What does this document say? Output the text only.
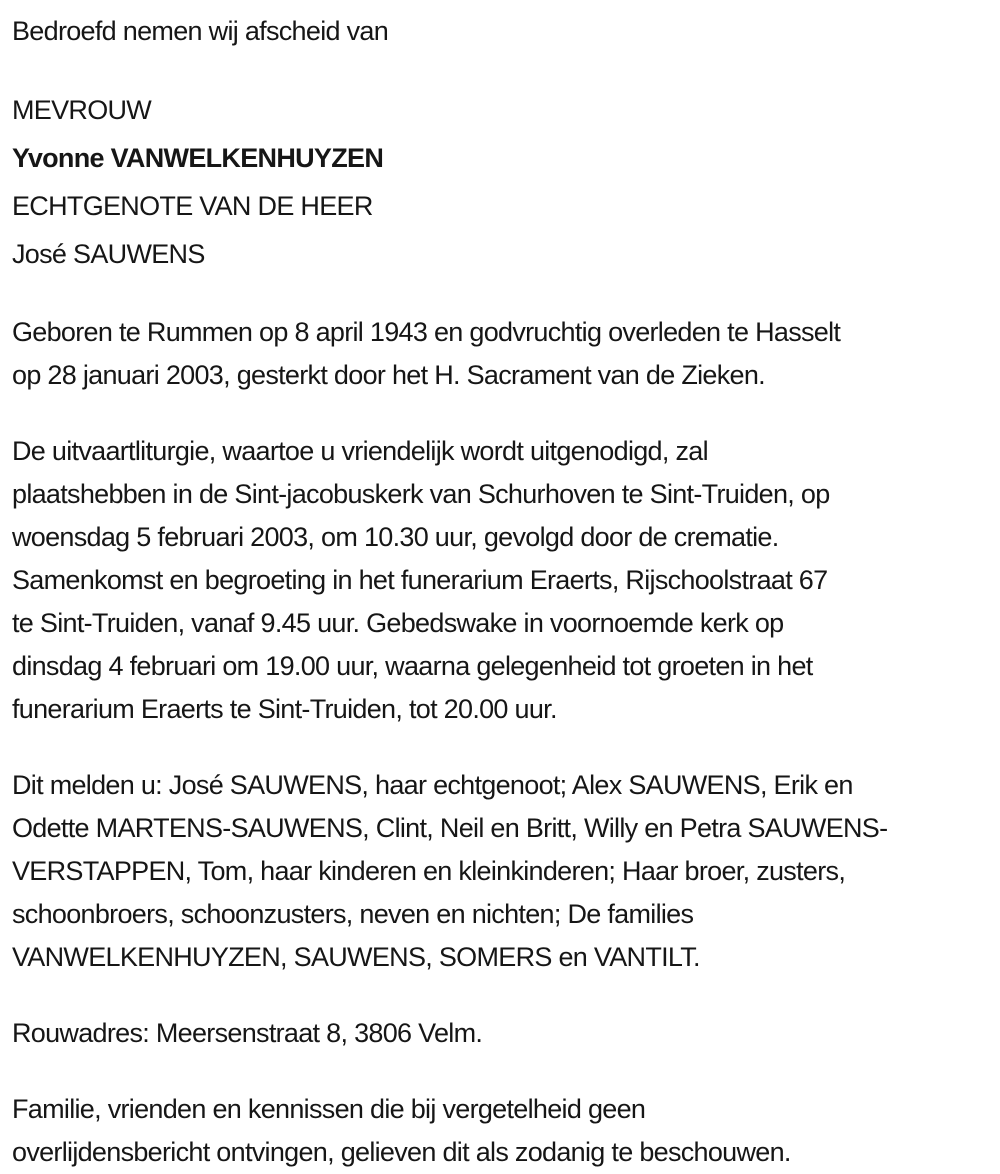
Bedroefd nemen wij afscheid van
MEVROUW
Yvonne VANWELKENHUYZEN
ECHTGENOTE VAN DE HEER
José SAUWENS
Geboren te Rummen op 8 april 1943 en godvruchtig overleden te Hasselt
op 28 januari 2003, gesterkt door het H. Sacrament van de Zieken.
De uitvaartliturgie, waartoe u vriendelijk wordt uitgenodigd, zal
plaatshebben in de Sint-jacobuskerk van Schurhoven te Sint-Truiden, op
woensdag 5 februari 2003, om 10.30 uur, gevolgd door de crematie.
Samenkomst en begroeting in het funerarium Eraerts, Rijschoolstraat 67
te Sint-Truiden, vanaf 9.45 uur. Gebedswake in voornoemde kerk op
dinsdag 4 februari om 19.00 uur, waarna gelegenheid tot groeten in het
funerarium Eraerts te Sint-Truiden, tot 20.00 uur.
Dit melden u: José SAUWENS, haar echtgenoot; Alex SAUWENS, Erik en
Odette MARTENS-SAUWENS, Clint, Neil en Britt, Willy en Petra SAUWENS-
VERSTAPPEN, Tom, haar kinderen en kleinkinderen; Haar broer, zusters,
schoonbroers, schoonzusters, neven en nichten; De families
VANWELKENHUYZEN, SAUWENS, SOMERS en VANTILT.
Rouwadres: Meersenstraat 8, 3806 Velm.
Familie, vrienden en kennissen die bij vergetelheid geen
overlijdensbericht ontvingen, gelieven dit als zodanig te beschouwen.
